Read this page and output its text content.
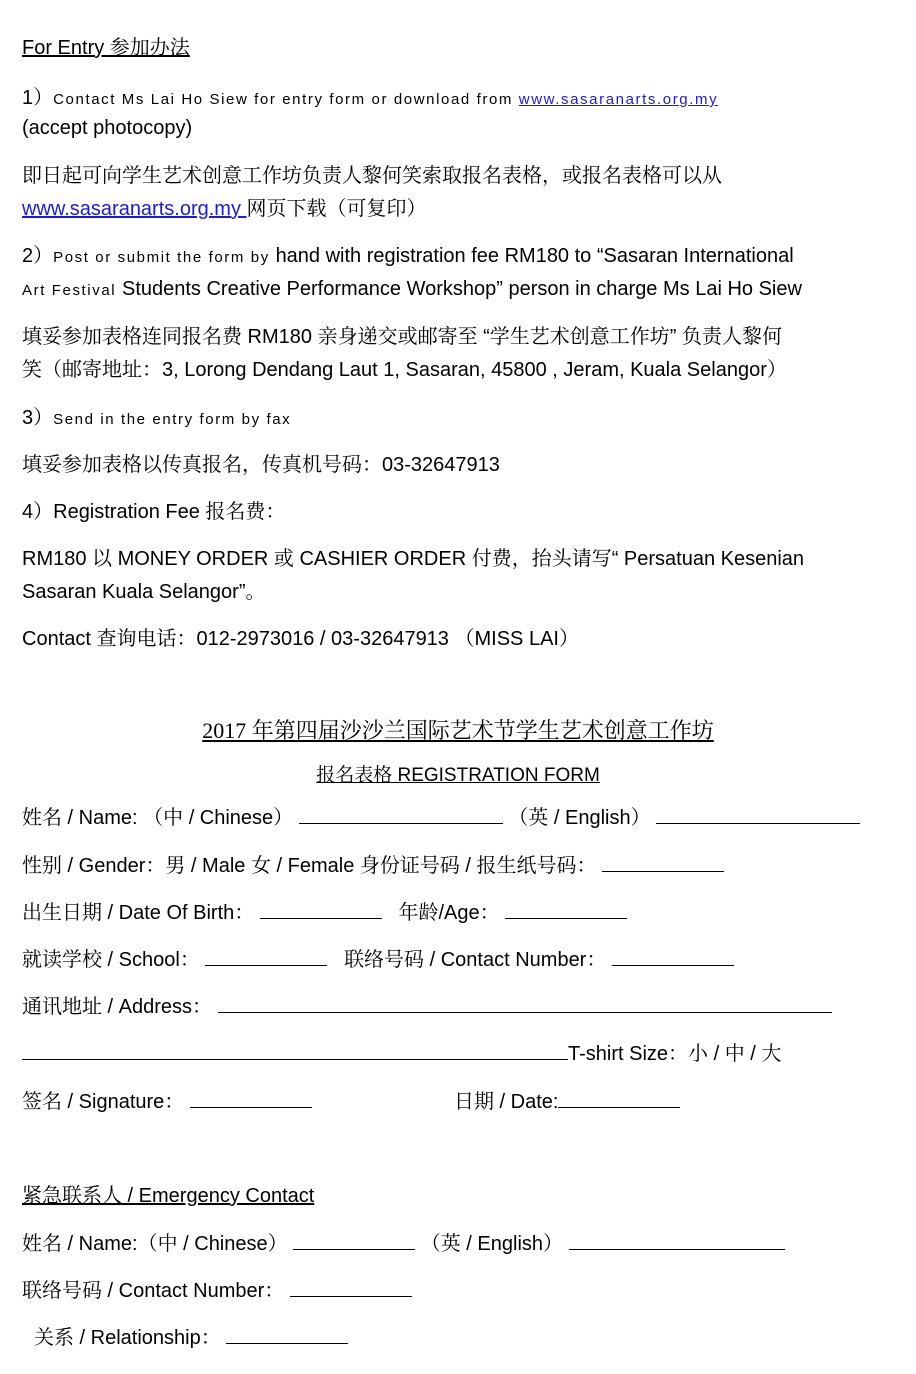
For Entry 参加办法
1）Contact Ms Lai Ho Siew for entry form or download from www.sasaranarts.org.my
(accept photocopy)
即日起可向学生艺术创意工作坊负责人黎何笑索取报名表格，或报名表格可以从
www.sasaranarts.org.my 网页下载（可复印）
2）Post or submit the form by hand with registration fee RM180 to “Sasaran International
Art Festival Students Creative Performance Workshop” person in charge Ms Lai Ho Siew
填妥参加表格连同报名费 RM180 亲身递交或邮寄至 “学生艺术创意工作坊” 负责人黎何
笑（邮寄地址：3, Lorong Dendang Laut 1, Sasaran, 45800 , Jeram, Kuala Selangor）
3）Send in the entry form by fax
填妥参加表格以传真报名，传真机号码：03-32647913
4）Registration Fee 报名费：
RM180 以 MONEY ORDER 或 CASHIER ORDER 付费，抬头请写“ Persatuan Kesenian
Sasaran Kuala Selangor”。
Contact 查询电话：012-2973016 / 03-32647913 （MISS LAI）
2017 年第四届沙沙兰国际艺术节学生艺术创意工作坊
报名表格 REGISTRATION FORM
姓名 / Name: （中 / Chinese）	（英 / English）
性别 / Gender：男 / Male 女 / Female 身份证号码 / 报生纸号码：
出生日期 / Date Of Birth：	年龄/Age：
就读学校 / School：	联络号码 / Contact Number：
通讯地址 / Address：
T-shirt Size：小 / 中 / 大
签名 / Signature：	日期 / Date:
紧急联系人 / Emergency Contact
姓名 / Name:（中 / Chinese）	（英 / English）
联络号码 / Contact Number：
关系 / Relationship：
